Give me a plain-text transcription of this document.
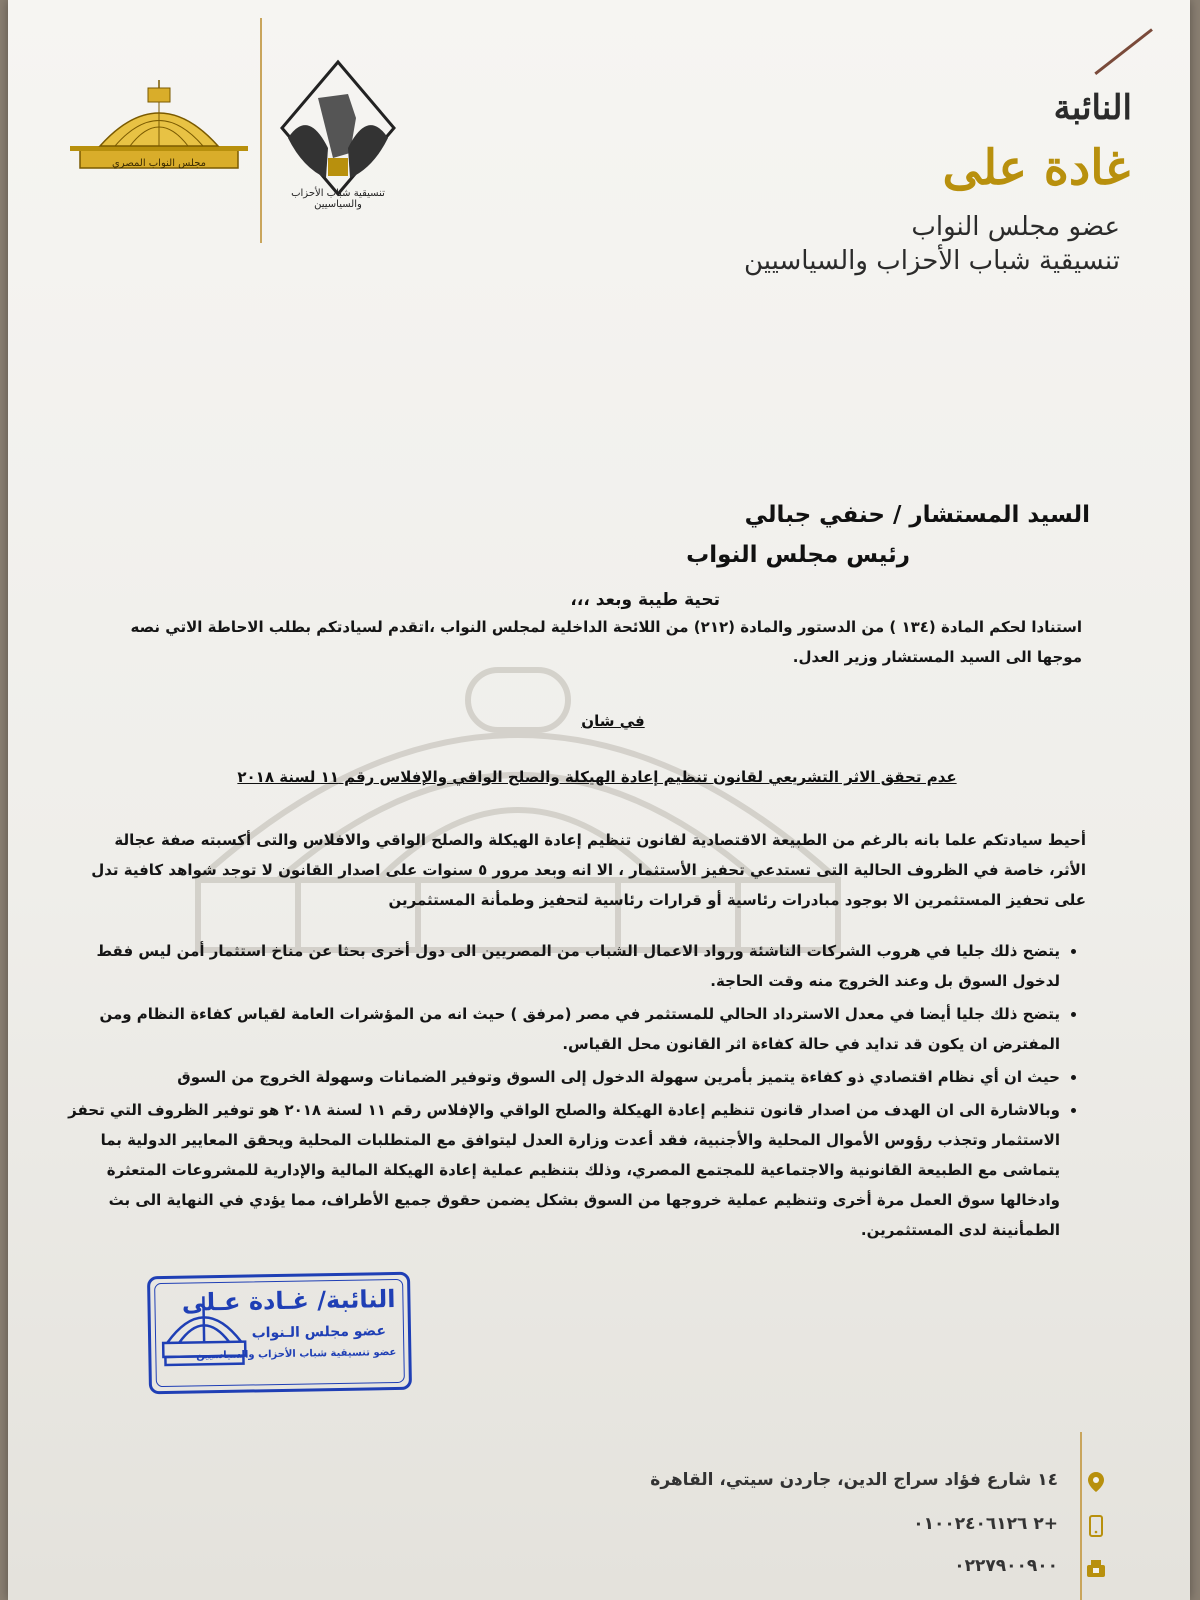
مجلس النواب المصري
تنسيقية شباب الأحزاب والسياسيين
النائبة
غادة على
عضو مجلس النواب
تنسيقية شباب الأحزاب والسياسيين
السيد المستشار / حنفي جبالي
رئيس مجلس النواب
تحية طيبة وبعد ،،،
استنادا لحكم المادة (١٣٤ ) من الدستور والمادة (٢١٢) من اللائحة الداخلية لمجلس النواب ،اتقدم لسيادتكم بطلب الاحاطة الاتي نصه موجها الى السيد المستشار وزير العدل.
في شان
عدم تحقق الاثر التشريعي لقانون تنظيم إعادة الهيكلة والصلح الواقي والإفلاس رقم ١١ لسنة ٢٠١٨
أحيط سيادتكم علما بانه بالرغم من الطبيعة الاقتصادية لقانون تنظيم إعادة الهيكلة والصلح الواقي والافلاس والتى أكسبته صفة عجالة الأثر، خاصة في الظروف الحالية التى تستدعي تحفيز الأستثمار ، الا انه وبعد مرور ٥ سنوات على اصدار القانون لا توجد شواهد كافية تدل على تحفيز المستثمرين الا بوجود مبادرات رئاسية أو قرارات رئاسية لتحفيز وطمأنة المستثمرين
• يتضح ذلك جليا في هروب الشركات الناشئة ورواد الاعمال الشباب من المصريين الى دول أخرى بحثا عن مناخ استثمار أمن ليس فقط لدخول السوق بل وعند الخروج منه وقت الحاجة.
• يتضح ذلك جليا أيضا في معدل الاسترداد الحالي للمستثمر في مصر (مرفق ) حيث انه من المؤشرات العامة لقياس كفاءة النظام ومن المفترض ان يكون قد تدايد في حالة كفاءة اثر القانون محل القياس.
• حيث ان أي نظام اقتصادي ذو كفاءة يتميز بأمرين سهولة الدخول إلى السوق وتوفير الضمانات وسهولة الخروج من السوق
• وبالاشارة الى ان الهدف من اصدار قانون تنظيم إعادة الهيكلة والصلح الواقي والإفلاس رقم ١١ لسنة ٢٠١٨ هو توفير الظروف التي تحفز الاستثمار وتجذب رؤوس الأموال المحلية والأجنبية، فقد أعدت وزارة العدل ليتوافق مع المتطلبات المحلية ويحقق المعايير الدولية بما يتماشى مع الطبيعة القانونية والاجتماعية للمجتمع المصري، وذلك بتنظيم عملية إعادة الهيكلة المالية والإدارية للمشروعات المتعثرة وادخالها سوق العمل مرة أخرى وتنظيم عملية خروجها من السوق بشكل يضمن حقوق جميع الأطراف، مما يؤدي في النهاية الى بث الطمأنينة لدى المستثمرين.
النائبة/ غـادة عـلى
عضو مجلس الـنواب
عضو تنسيقية شباب الأحزاب والسياسيين
١٤ شارع فؤاد سراج الدين، جاردن سيتي، القاهرة
+٢ ٠١٠٠٢٤٠٦١٢٦
٠٢٢٧٩٠٠٩٠٠
